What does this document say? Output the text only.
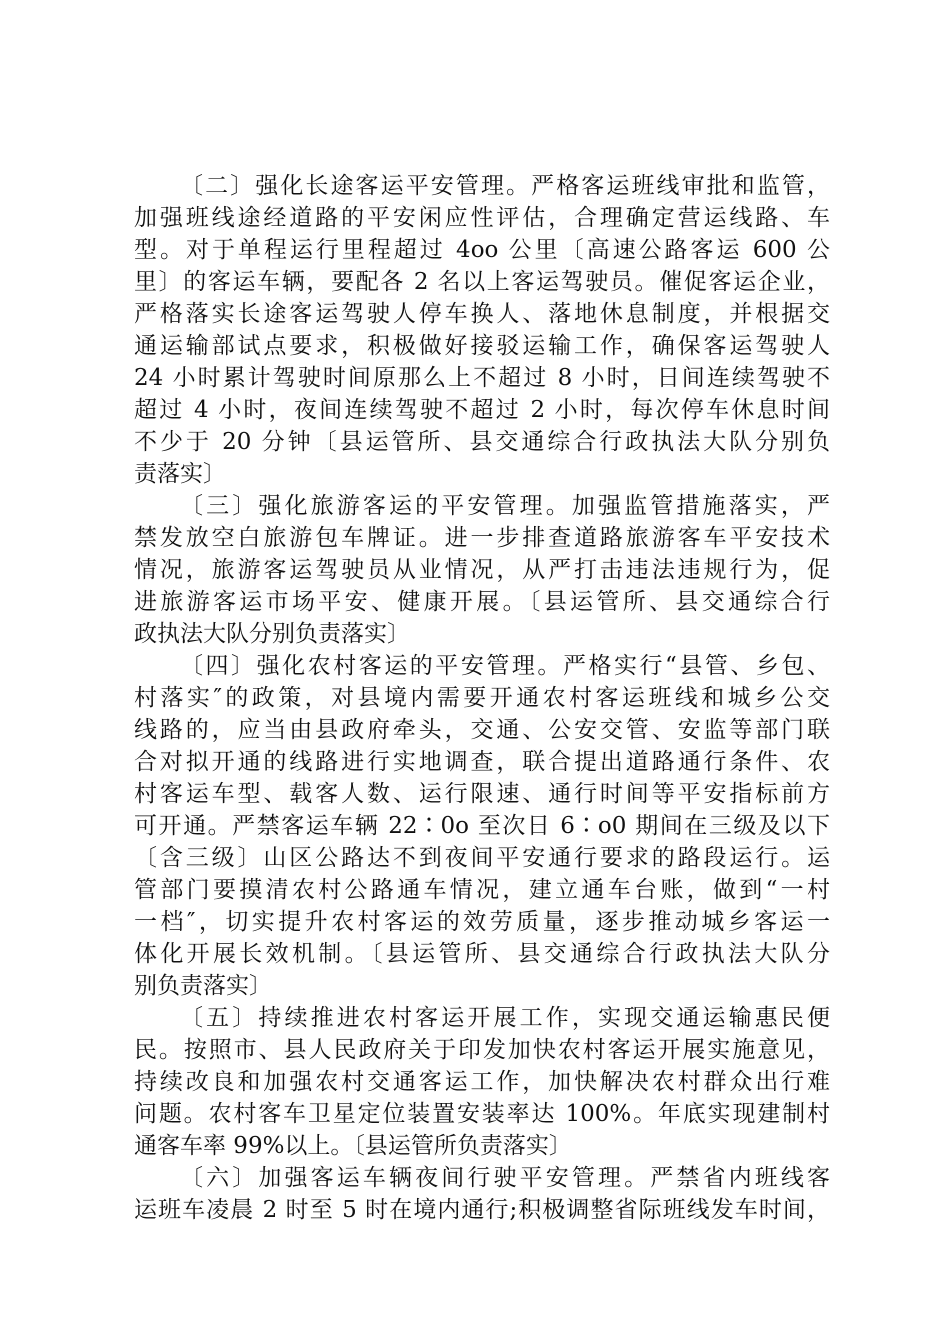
〔二〕强化长途客运平安管理。严格客运班线审批和监管，
加强班线途经道路的平安闲应性评估，合理确定营运线路、车
型。对于单程运行里程超过 4oo 公里〔高速公路客运 600 公
里〕的客运车辆，要配各 2 名以上客运驾驶员。催促客运企业，
严格落实长途客运驾驶人停车换人、落地休息制度，并根据交
通运输部试点要求，积极做好接驳运输工作，确保客运驾驶人
24 小时累计驾驶时间原那么上不超过 8 小时，日间连续驾驶不
超过 4 小时，夜间连续驾驶不超过 2 小时，每次停车休息时间
不少于 20 分钟〔县运管所、县交通综合行政执法大队分别负
责落实〕
〔三〕强化旅游客运的平安管理。加强监管措施落实，严
禁发放空白旅游包车牌证。进一步排查道路旅游客车平安技术
情况，旅游客运驾驶员从业情况，从严打击违法违规行为，促
进旅游客运市场平安、健康开展。〔县运管所、县交通综合行
政执法大队分别负责落实〕
〔四〕强化农村客运的平安管理。严格实行“县管、乡包、
村落实″的政策，对县境内需要开通农村客运班线和城乡公交
线路的，应当由县政府牵头，交通、公安交管、安监等部门联
合对拟开通的线路进行实地调查，联合提出道路通行条件、农
村客运车型、载客人数、运行限速、通行时间等平安指标前方
可开通。严禁客运车辆 22∶0o 至次日 6∶o0 期间在三级及以下
〔含三级〕山区公路达不到夜间平安通行要求的路段运行。运
管部门要摸清农村公路通车情况，建立通车台账，做到“一村
一档″，切实提升农村客运的效劳质量，逐步推动城乡客运一
体化开展长效机制。〔县运管所、县交通综合行政执法大队分
别负责落实〕
〔五〕持续推进农村客运开展工作，实现交通运输惠民便
民。按照市、县人民政府关于印发加快农村客运开展实施意见，
持续改良和加强农村交通客运工作，加快解决农村群众出行难
问题。农村客车卫星定位装置安装率达 100%。年底实现建制村
通客车率 99%以上。〔县运管所负责落实〕
〔六〕加强客运车辆夜间行驶平安管理。严禁省内班线客
运班车凌晨 2 时至 5 时在境内通行;积极调整省际班线发车时间，
